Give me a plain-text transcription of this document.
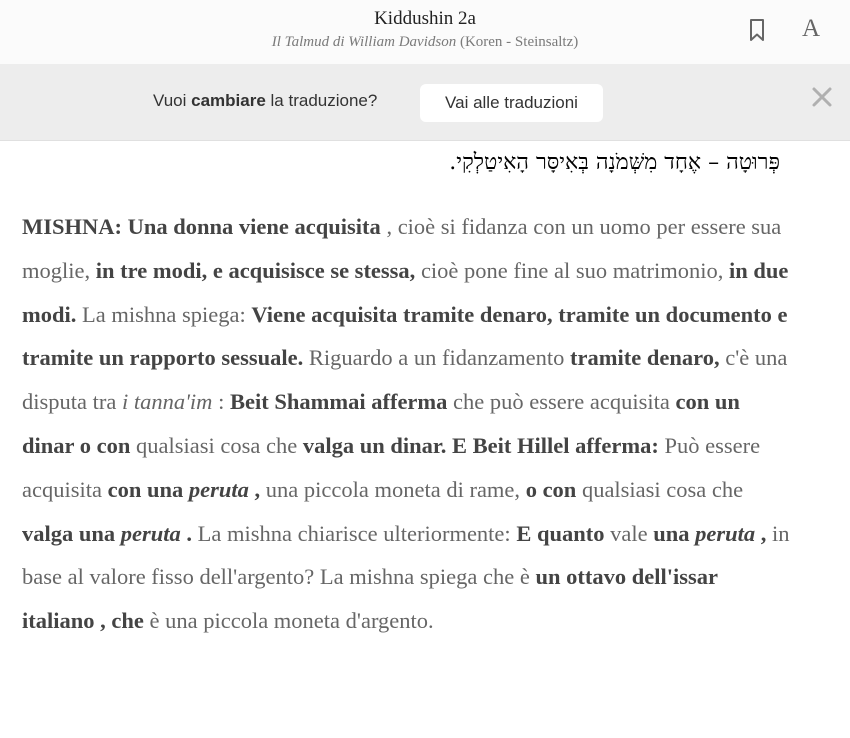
Kiddushin 2a
Il Talmud di William Davidson (Koren - Steinsaltz)	A
Vuoi cambiare la traduzione?	Vai alle traduzioni
פְּרוּטָה – אֶחָד מִשְּׁמֹנָה בְּאִיסָּר הָאִיטַלְקִי.
MISHNA: Una donna viene acquisita , cioè si fidanza con un uomo per essere sua moglie, in tre modi, e acquisisce se stessa, cioè pone fine al suo matrimonio, in due modi. La mishna spiega: Viene acquisita tramite denaro, tramite un documento e tramite un rapporto sessuale. Riguardo a un fidanzamento tramite denaro, c'è una disputa tra i tanna'im : Beit Shammai afferma che può essere acquisita con un dinar o con qualsiasi cosa che valga un dinar. E Beit Hillel afferma: Può essere acquisita con una peruta , una piccola moneta di rame, o con qualsiasi cosa che valga una peruta . La mishna chiarisce ulteriormente: E quanto vale una peruta , in base al valore fisso dell'argento? La mishna spiega che è un ottavo dell'issar italiano , che è una piccola moneta d'argento.
